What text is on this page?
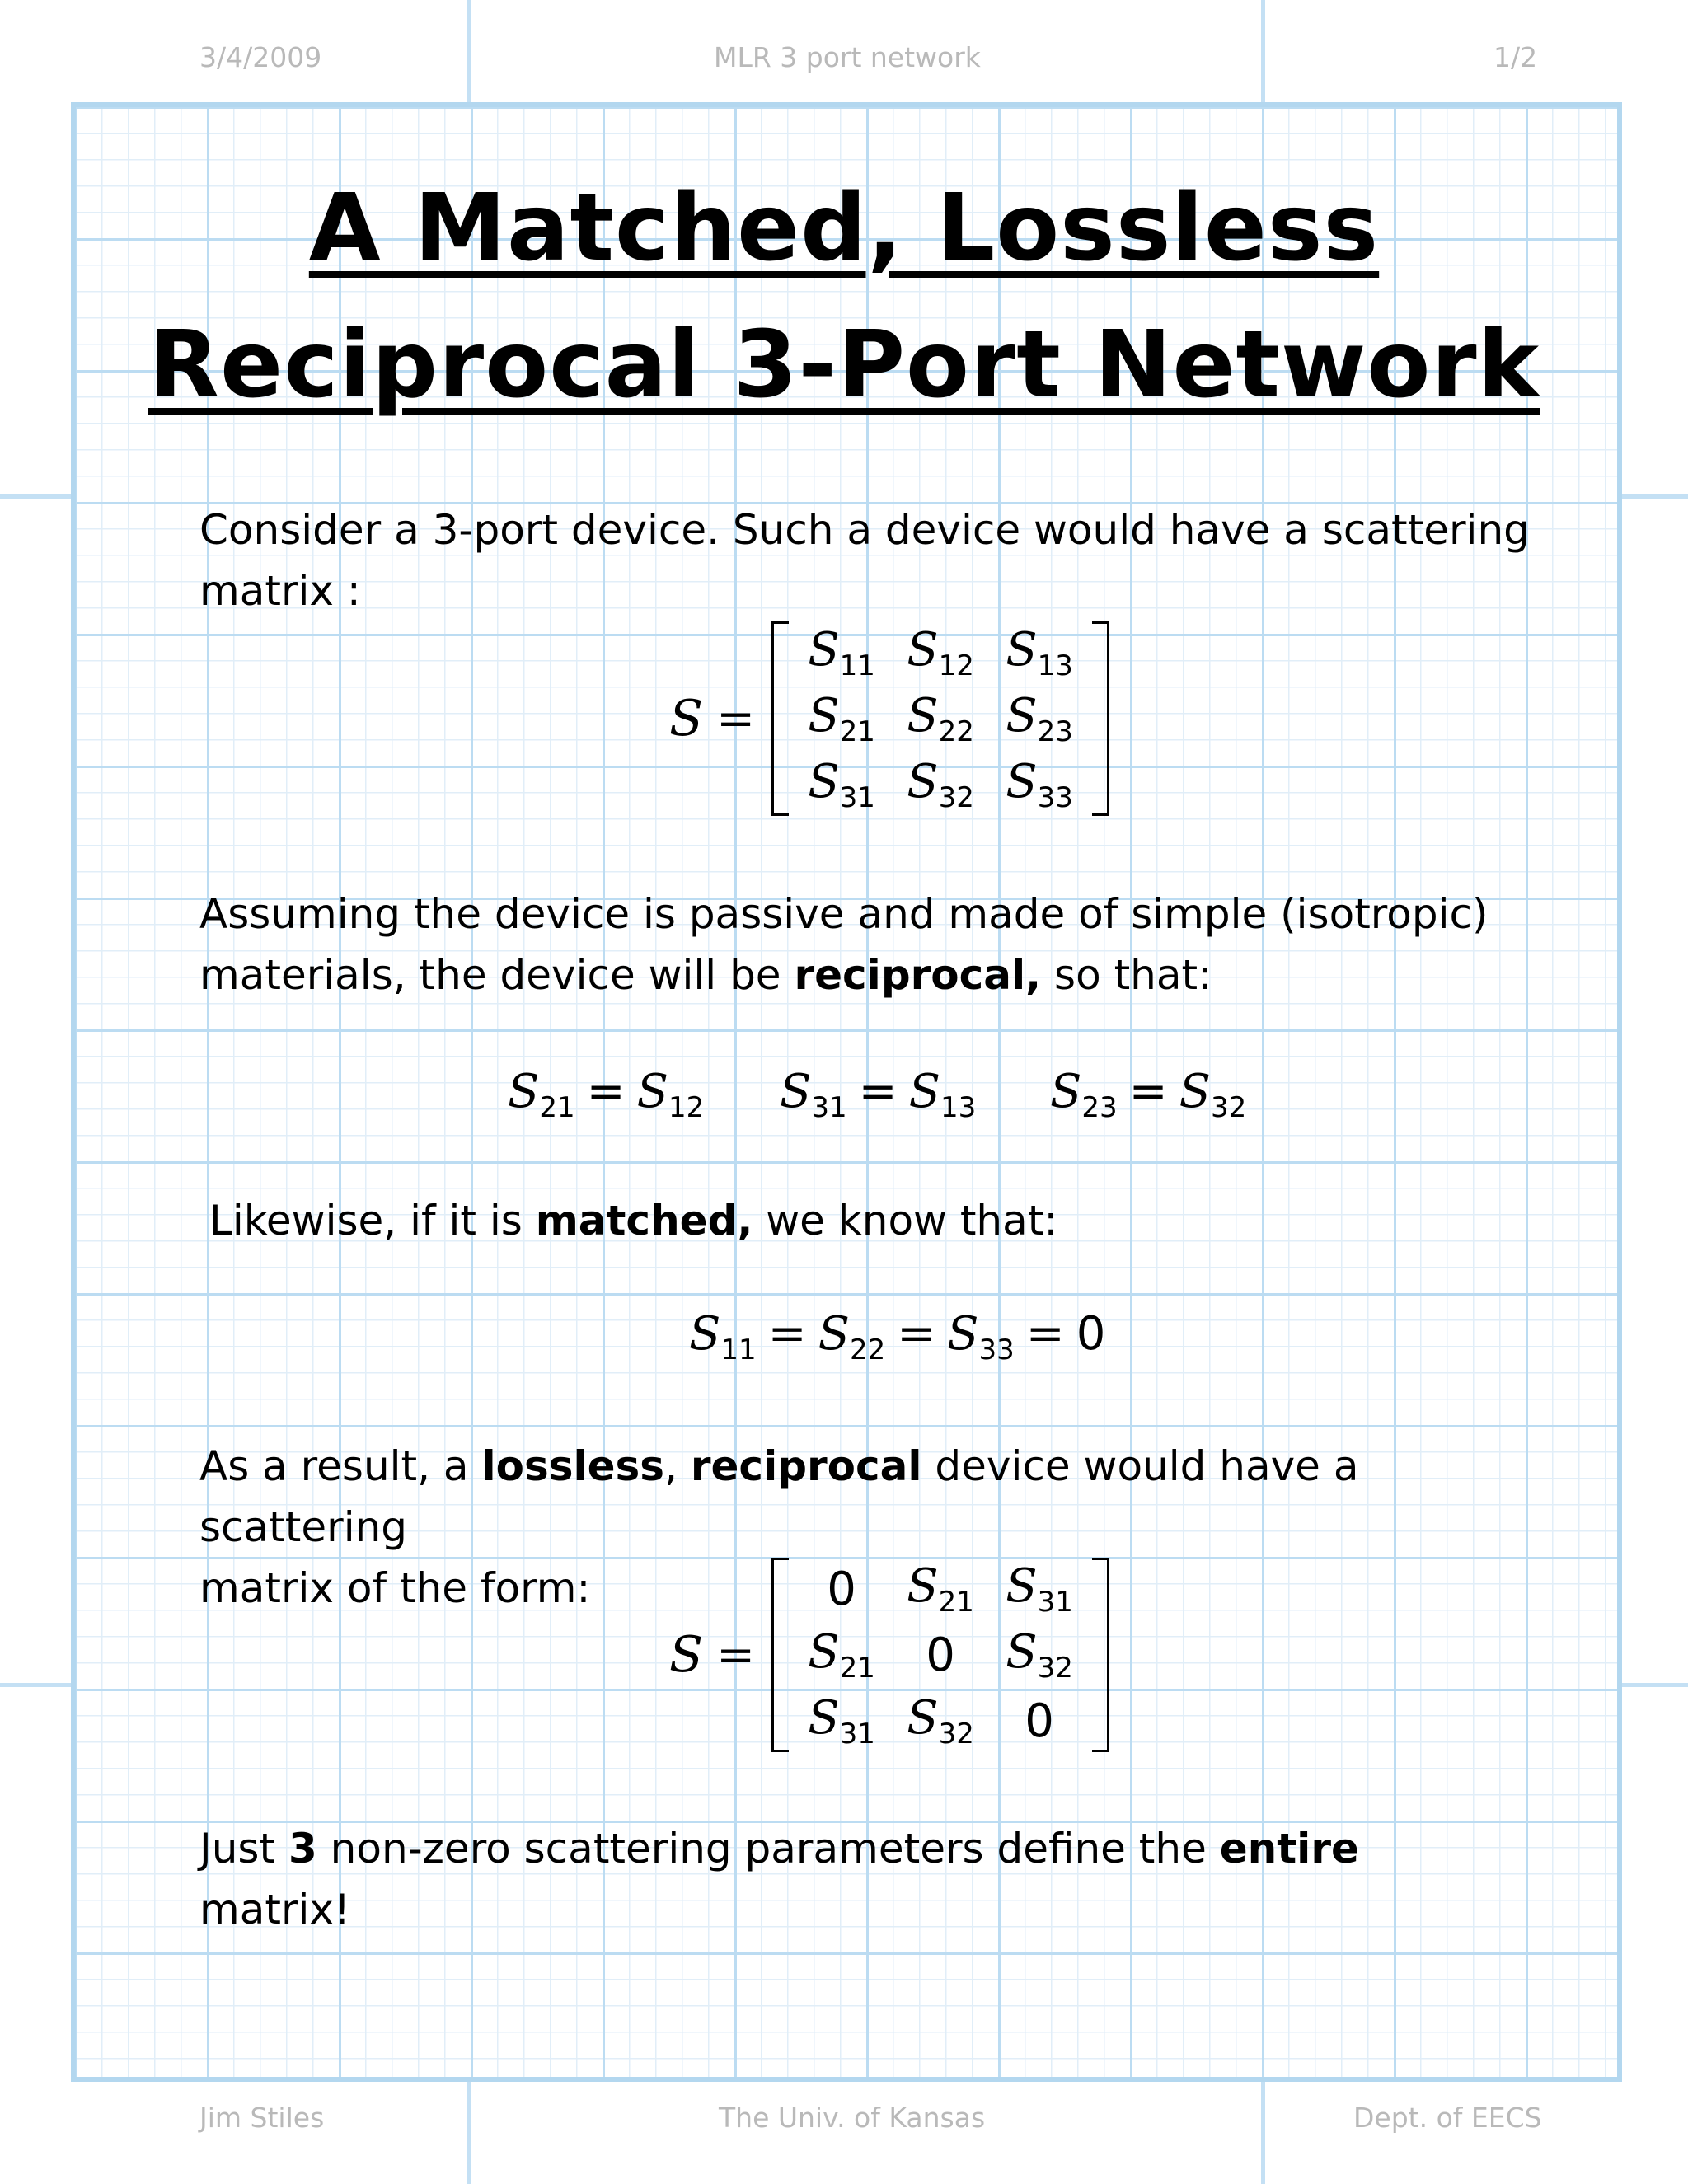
3/4/2009	MLR 3 port network	1/2
Jim Stiles	The Univ. of Kansas	Dept. of EECS
A Matched, Lossless
Reciprocal 3-Port Network
Consider a 3-port device. Such a device would have a scattering
matrix :
S =
$S_{11}$ $S_{12}$ $S_{13}$
$S_{21}$ $S_{22}$ $S_{23}$
$S_{31}$ $S_{32}$ $S_{33}$
Assuming the device is passive and made of simple (isotropic)
materials, the device will be reciprocal, so that:
$S_{21} = S_{12}$ $S_{31} = S_{13}$ $S_{23} = S_{32}$
Likewise, if it is matched, we know that:
$S_{11} = S_{22} = S_{33} = 0$
As a result, a lossless, reciprocal device would have a scattering
matrix of the form:
S =
0 $S_{21}$ $S_{31}$
$S_{21}$ 0 $S_{32}$
$S_{31}$ $S_{32}$ 0
Just 3 non-zero scattering parameters define the entire
matrix!
